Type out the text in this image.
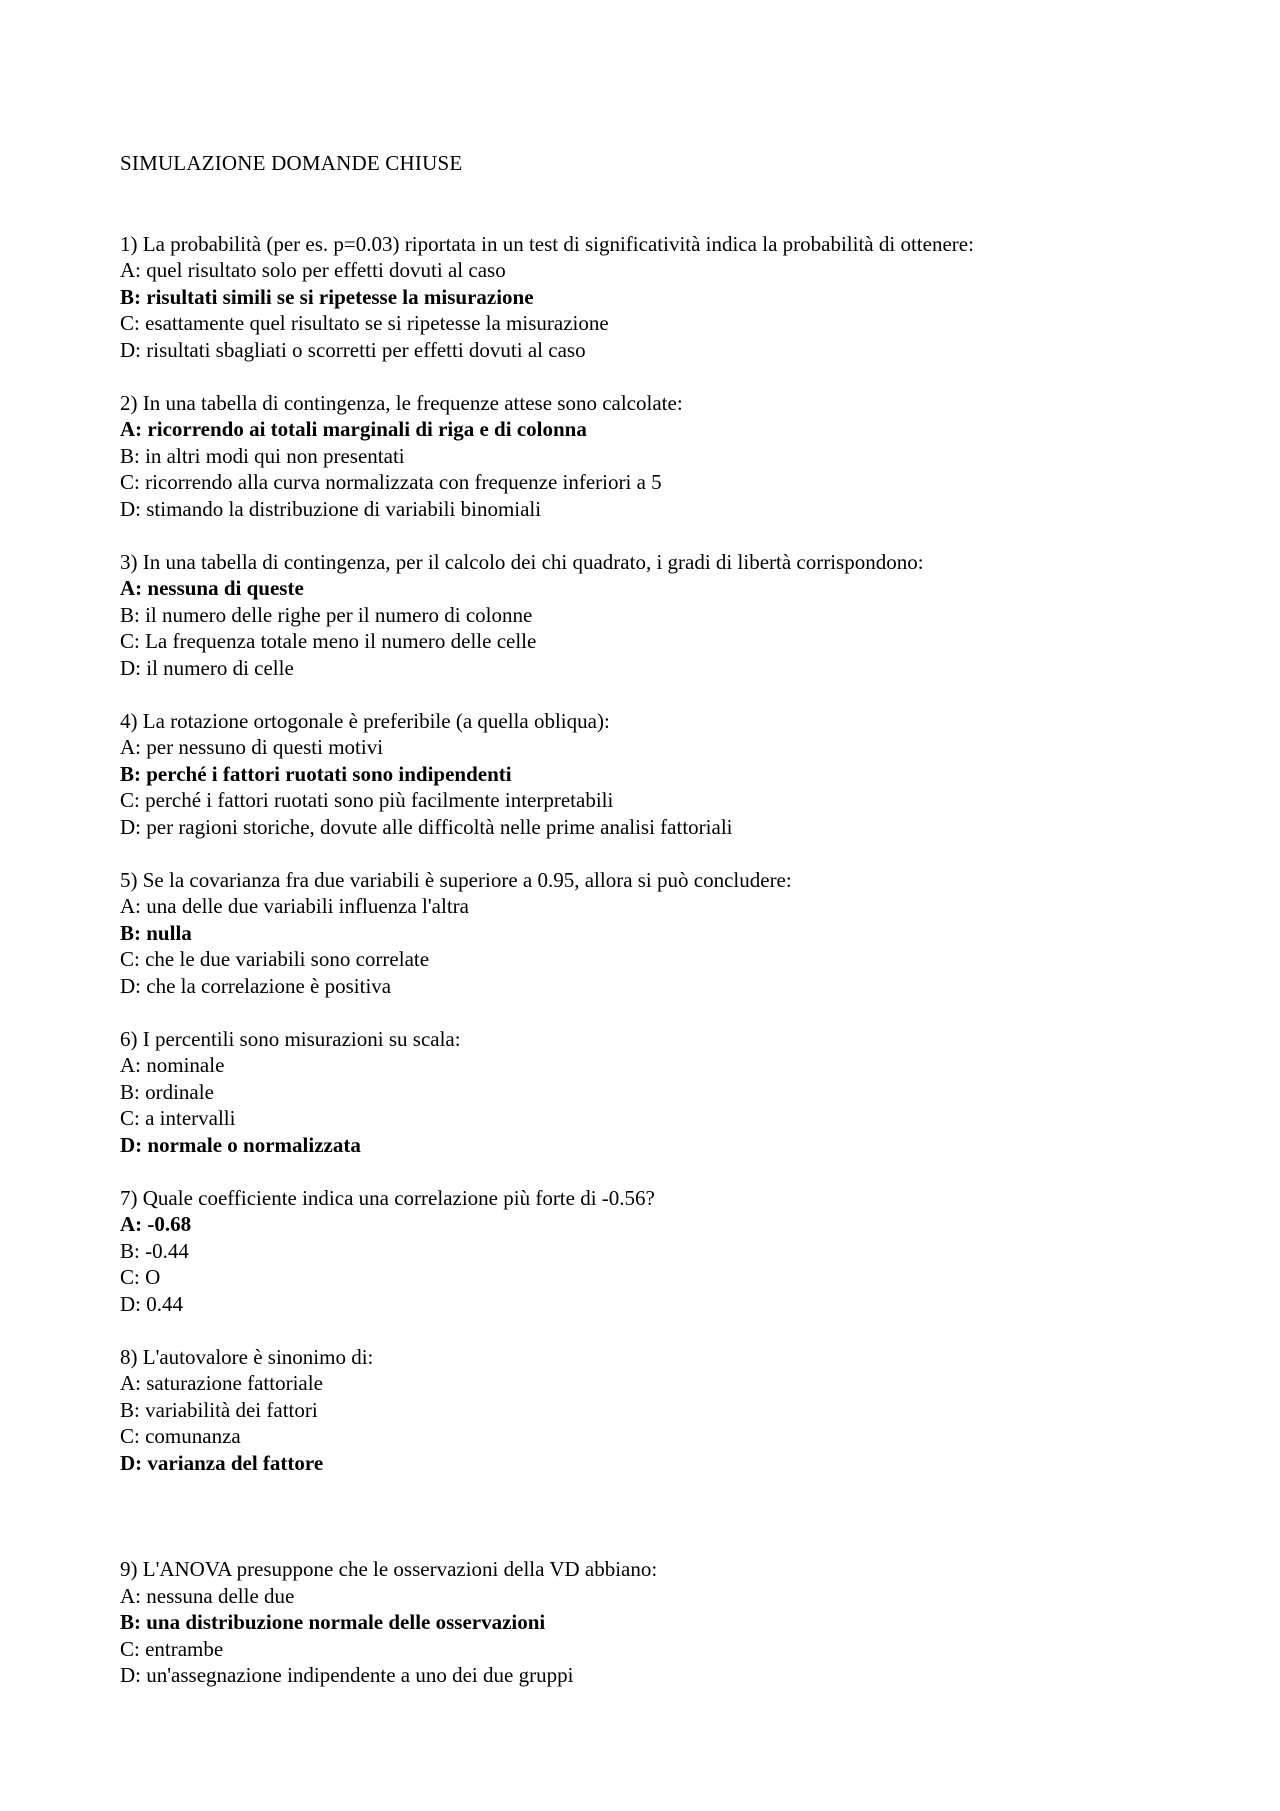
SIMULAZIONE DOMANDE CHIUSE
1) La probabilità (per es. p=0.03) riportata in un test di significatività indica la probabilità di ottenere:
A: quel risultato solo per effetti dovuti al caso
B: risultati simili se si ripetesse la misurazione
C: esattamente quel risultato se si ripetesse la misurazione
D: risultati sbagliati o scorretti per effetti dovuti al caso
2) In una tabella di contingenza, le frequenze attese sono calcolate:
A: ricorrendo ai totali marginali di riga e di colonna
B: in altri modi qui non presentati
C: ricorrendo alla curva normalizzata con frequenze inferiori a 5
D: stimando la distribuzione di variabili binomiali
3) In una tabella di contingenza, per il calcolo dei chi quadrato, i gradi di libertà corrispondono:
A: nessuna di queste
B: il numero delle righe per il numero di colonne
C: La frequenza totale meno il numero delle celle
D: il numero di celle
4) La rotazione ortogonale è preferibile (a quella obliqua):
A: per nessuno di questi motivi
B: perché i fattori ruotati sono indipendenti
C: perché i fattori ruotati sono più facilmente interpretabili
D: per ragioni storiche, dovute alle difficoltà nelle prime analisi fattoriali
5) Se la covarianza fra due variabili è superiore a 0.95, allora si può concludere:
A: una delle due variabili influenza l'altra
B: nulla
C: che le due variabili sono correlate
D: che la correlazione è positiva
6) I percentili sono misurazioni su scala:
A: nominale
B: ordinale
C: a intervalli
D: normale o normalizzata
7) Quale coefficiente indica una correlazione più forte di -0.56?
A: -0.68
B: -0.44
C: O
D: 0.44
8) L'autovalore è sinonimo di:
A: saturazione fattoriale
B: variabilità dei fattori
C: comunanza
D: varianza del fattore
9) L'ANOVA presuppone che le osservazioni della VD abbiano:
A: nessuna delle due
B: una distribuzione normale delle osservazioni
C: entrambe
D: un'assegnazione indipendente a uno dei due gruppi
